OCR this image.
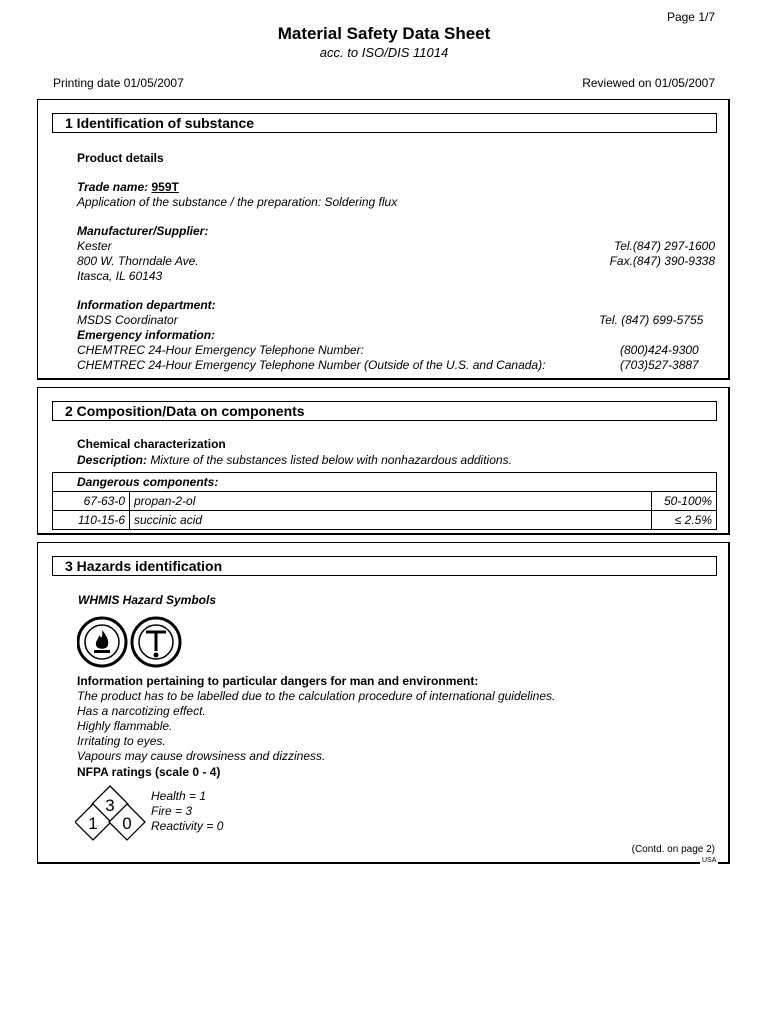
Page 1/7
Material Safety Data Sheet
acc. to ISO/DIS 11014
Printing date 01/05/2007	Reviewed on 01/05/2007
1 Identification of substance
Product details
Trade name: 959T
Application of the substance / the preparation: Soldering flux
Manufacturer/Supplier:
Kester
800 W. Thorndale Ave.
Itasca, IL 60143
Tel.(847) 297-1600
Fax.(847) 390-9338
Information department:
MSDS Coordinator	Tel. (847) 699-5755
Emergency information:
CHEMTREC 24-Hour Emergency Telephone Number:	(800)424-9300
CHEMTREC 24-Hour Emergency Telephone Number (Outside of the U.S. and Canada):	(703)527-3887
2 Composition/Data on components
Chemical characterization
Description: Mixture of the substances listed below with nonhazardous additions.
Dangerous components:		
67-63-0	propan-2-ol	50-100%
110-15-6	succinic acid	≤ 2.5%
3 Hazards identification
WHMIS Hazard Symbols
Information pertaining to particular dangers for man and environment:
The product has to be labelled due to the calculation procedure of international guidelines.
Has a narcotizing effect.
Highly flammable.
Irritating to eyes.
Vapours may cause drowsiness and dizziness.
NFPA ratings (scale 0 - 4)
3
1 0
Health = 1
Fire = 3
Reactivity = 0
(Contd. on page 2)
USA
